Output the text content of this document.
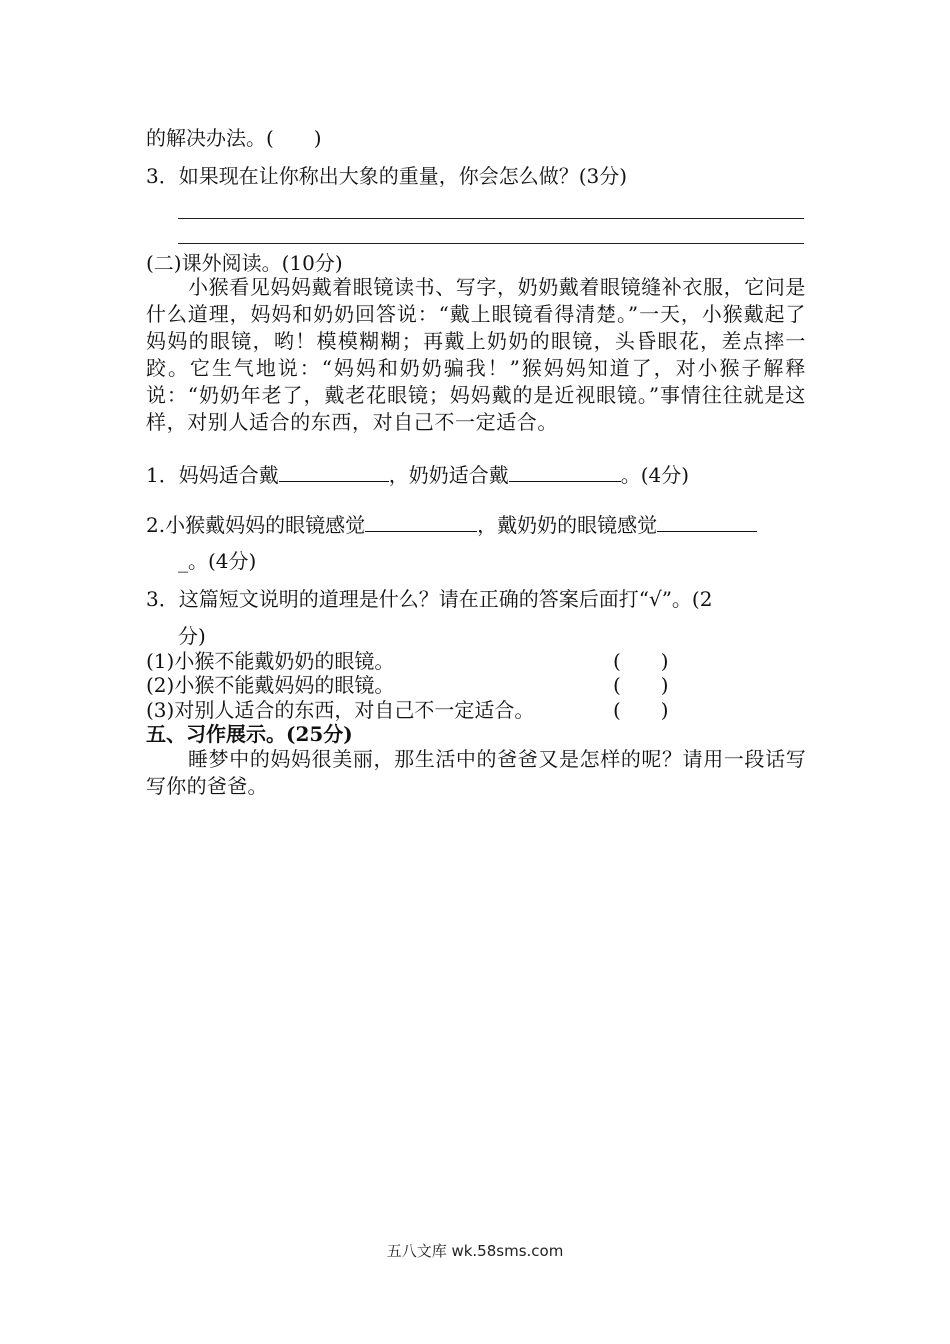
的解决办法。(　　)
3．如果现在让你称出大象的重量，你会怎么做？(3分)
(二)课外阅读。(10分)

小猴看见妈妈戴着眼镜读书、写字，奶奶戴着眼镜缝补衣服，它问是什么道理，妈妈和奶奶回答说：“戴上眼镜看得清楚。”一天，小猴戴起了妈妈的眼镜，哟！模模糊糊；再戴上奶奶的眼镜，头昏眼花，差点摔一跤。它生气地说：“妈妈和奶奶骗我！”猴妈妈知道了，对小猴子解释说：“奶奶年老了，戴老花眼镜；妈妈戴的是近视眼镜。”事情往往就是这样，对别人适合的东西，对自己不一定适合。

1．妈妈适合戴	，奶奶适合戴	。(4分)
2.小猴戴妈妈的眼镜感觉	，戴奶奶的眼镜感觉
_。(4分)
3．这篇短文说明的道理是什么？请在正确的答案后面打“√”。(2
分)
(1)小猴不能戴奶奶的眼镜。	(　　)
(2)小猴不能戴妈妈的眼镜。	(　　)
(3)对别人适合的东西，对自己不一定适合。	(　　)
五、习作展示。(25分)

睡梦中的妈妈很美丽，那生活中的爸爸又是怎样的呢？请用一段话写写你的爸爸。

五八文库 wk.58sms.com
